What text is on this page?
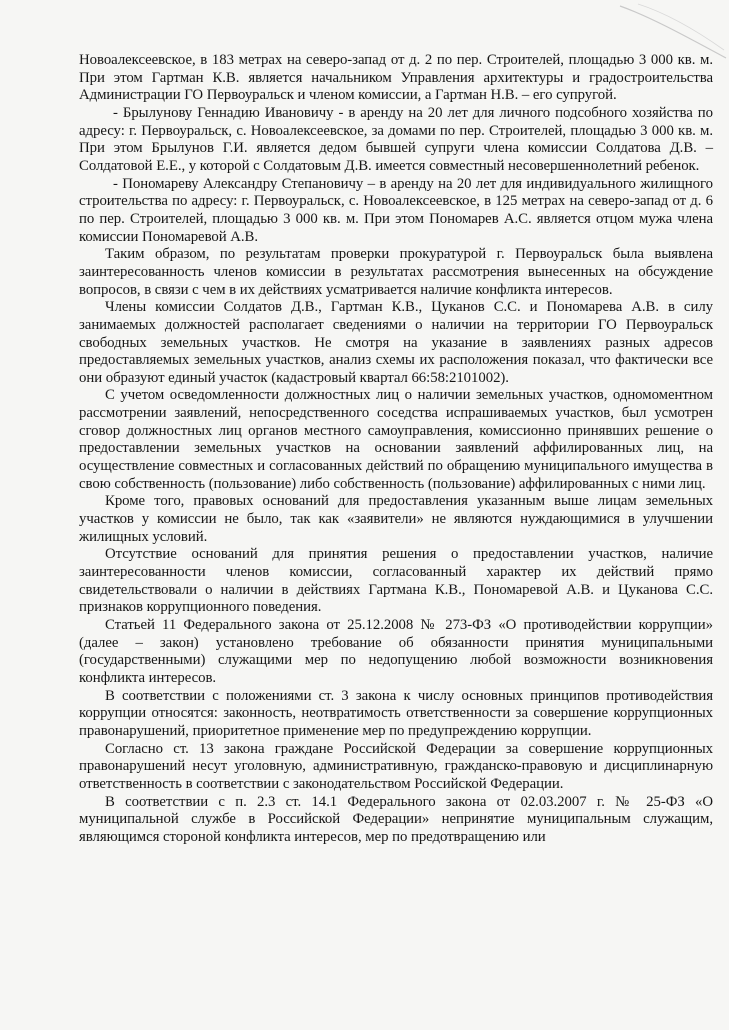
Новоалексеевское, в 183 метрах на северо-запад от д. 2 по пер. Строителей, площадью 3 000 кв. м. При этом Гартман К.В. является начальником Управления архитектуры и градостроительства Администрации ГО Первоуральск и членом комиссии, а Гартман Н.В. – его супругой.

- Брылунову Геннадию Ивановичу - в аренду на 20 лет для личного подсобного хозяйства по адресу: г. Первоуральск, с. Новоалексеевское, за домами по пер. Строителей, площадью 3 000 кв. м. При этом Брылунов Г.И. является дедом бывшей супруги члена комиссии Солдатова Д.В. – Солдатовой Е.Е., у которой с Солдатовым Д.В. имеется совместный несовершеннолетний ребенок.

- Пономареву Александру Степановичу – в аренду на 20 лет для индивидуального жилищного строительства по адресу: г. Первоуральск, с. Новоалексеевское, в 125 метрах на северо-запад от д. 6 по пер. Строителей, площадью 3 000 кв. м. При этом Пономарев А.С. является отцом мужа члена комиссии Пономаревой А.В.

Таким образом, по результатам проверки прокуратурой г. Первоуральск была выявлена заинтересованность членов комиссии в результатах рассмотрения вынесенных на обсуждение вопросов, в связи с чем в их действиях усматривается наличие конфликта интересов.

Члены комиссии Солдатов Д.В., Гартман К.В., Цуканов С.С. и Пономарева А.В. в силу занимаемых должностей располагает сведениями о наличии на территории ГО Первоуральск свободных земельных участков. Не смотря на указание в заявлениях разных адресов предоставляемых земельных участков, анализ схемы их расположения показал, что фактически все они образуют единый участок (кадастровый квартал 66:58:2101002).

С учетом осведомленности должностных лиц о наличии земельных участков, одномоментном рассмотрении заявлений, непосредственного соседства испрашиваемых участков, был усмотрен сговор должностных лиц органов местного самоуправления, комиссионно принявших решение о предоставлении земельных участков на основании заявлений аффилированных лиц, на осуществление совместных и согласованных действий по обращению муниципального имущества в свою собственность (пользование) либо собственность (пользование) аффилированных с ними лиц.

Кроме того, правовых оснований для предоставления указанным выше лицам земельных участков у комиссии не было, так как «заявители» не являются нуждающимися в улучшении жилищных условий.

Отсутствие оснований для принятия решения о предоставлении участков, наличие заинтересованности членов комиссии, согласованный характер их действий прямо свидетельствовали о наличии в действиях Гартмана К.В., Пономаревой А.В. и Цуканова С.С. признаков коррупционного поведения.

Статьей 11 Федерального закона от 25.12.2008 № 273-ФЗ «О противодействии коррупции» (далее – закон) установлено требование об обязанности принятия муниципальными (государственными) служащими мер по недопущению любой возможности возникновения конфликта интересов.

В соответствии с положениями ст. 3 закона к числу основных принципов противодействия коррупции относятся: законность, неотвратимость ответственности за совершение коррупционных правонарушений, приоритетное применение мер по предупреждению коррупции.

Согласно ст. 13 закона граждане Российской Федерации за совершение коррупционных правонарушений несут уголовную, административную, гражданско-правовую и дисциплинарную ответственность в соответствии с законодательством Российской Федерации.

В соответствии с п. 2.3 ст. 14.1 Федерального закона от 02.03.2007 г. № 25-ФЗ «О муниципальной службе в Российской Федерации» непринятие муниципальным служащим, являющимся стороной конфликта интересов, мер по предотвращению или
